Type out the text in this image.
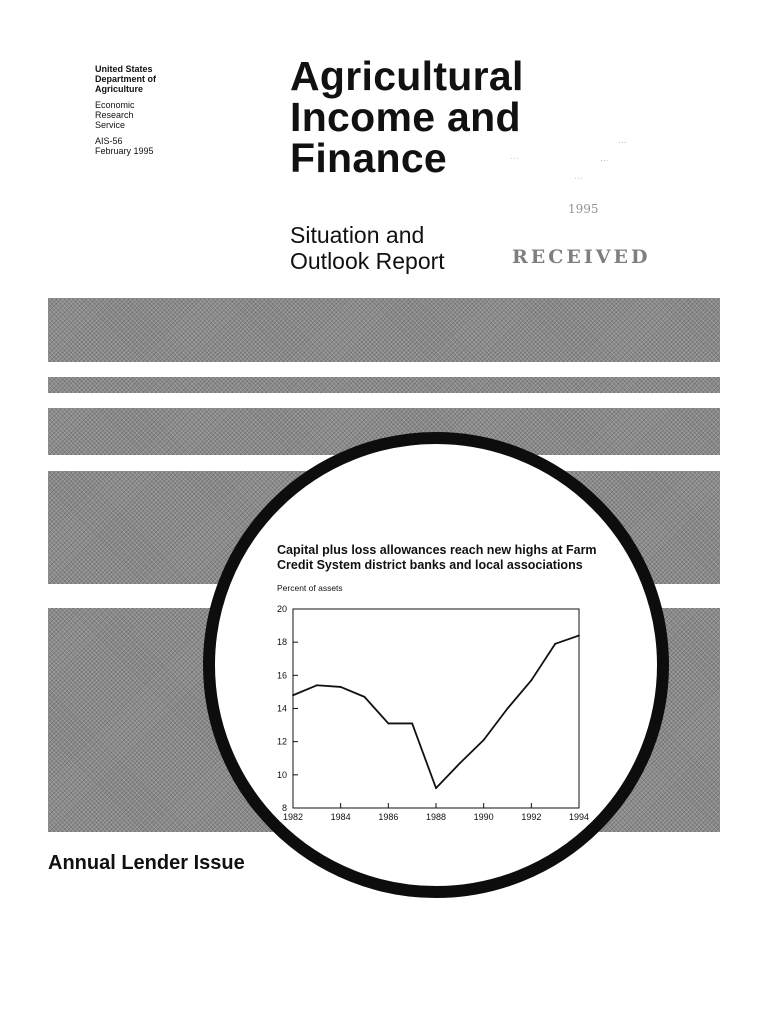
United States
Department of
Agriculture
Economic
Research
Service
AIS-56
February 1995
Agricultural
Income and
Finance
Situation and
Outlook Report
...
...
...
...
1995
RECEIVED
Capital plus loss allowances reach new highs at Farm
Credit System district banks and local associations
Percent of assets
8
10
12
14
16
18
20
1982	1984	1986	1988	1990	1992	1994
Annual Lender Issue
